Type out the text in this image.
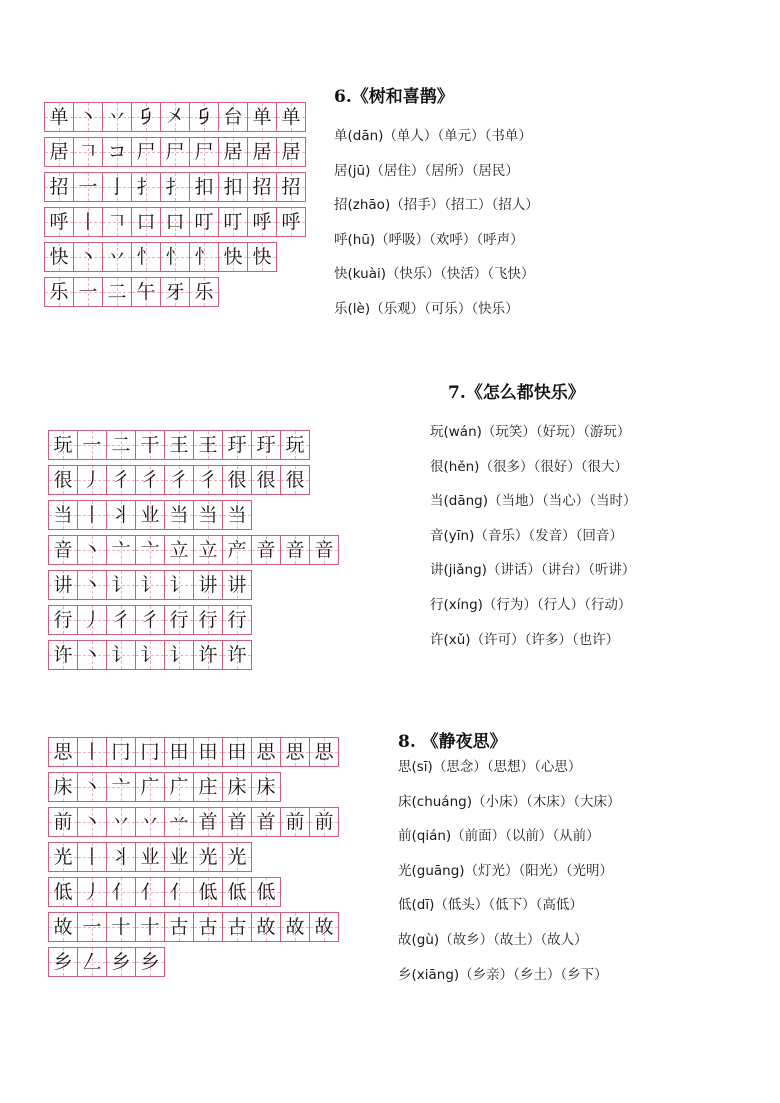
6.《树和喜鹊》
单 丶 丷 𠂎 㐅 𠂎 台 单 单
居 𠃍 コ 尸 尸 尸 居 居 居
招 一 亅 扌 扌 扣 扣 招 招
呼 丨 𠃍 口 口 叮 叮 呼 呼
快 丶 丷 忄 忄 忄 快 快
乐 一 二 午 牙 乐
单(dān)（单人）（单元）（书单）
居(jū)（居住）（居所）（居民）
招(zhāo)（招手）（招工）（招人）
呼(hū)（呼吸）（欢呼）（呼声）
快(kuài)（快乐）（快活）（飞快）
乐(lè)（乐观）（可乐）（快乐）
7.《怎么都快乐》
玩 一 二 干 王 王 玗 玗 玩
很 丿 彳 彳 彳 彳 很 很 很
当 丨 丬 业 当 当 当
音 丶 亠 亠 立 立 产 音 音 音
讲 丶 讠 讠 讠 讲 讲
行 丿 彳 彳 行 行 行
许 丶 讠 讠 讠 许 许
玩(wán)（玩笑）（好玩）（游玩）
很(hěn)（很多）（很好）（很大）
当(dāng)（当地）（当心）（当时）
音(yīn)（音乐）（发音）（回音）
讲(jiǎng)（讲话）（讲台）（听讲）
行(xíng)（行为）（行人）（行动）
许(xǔ)（许可）（许多）（也许）
8. 《静夜思》
思 丨 冂 冂 田 田 田 思 思 思
床 丶 亠 广 广 庄 床 床
前 丶 丷 丷 䒑 首 首 首 前 前
光 丨 丬 业 业 光 光
低 丿 亻 亻 亻 低 低 低
故 一 十 十 古 古 古 故 故 故
乡 𠃋 乡 乡
思(sī)（思念）（思想）（心思）
床(chuáng)（小床）（木床）（大床）
前(qián)（前面）（以前）（从前）
光(guāng)（灯光）（阳光）（光明）
低(dī)（低头）（低下）（高低）
故(gù)（故乡）（故土）（故人）
乡(xiāng)（乡亲）（乡土）（乡下）
